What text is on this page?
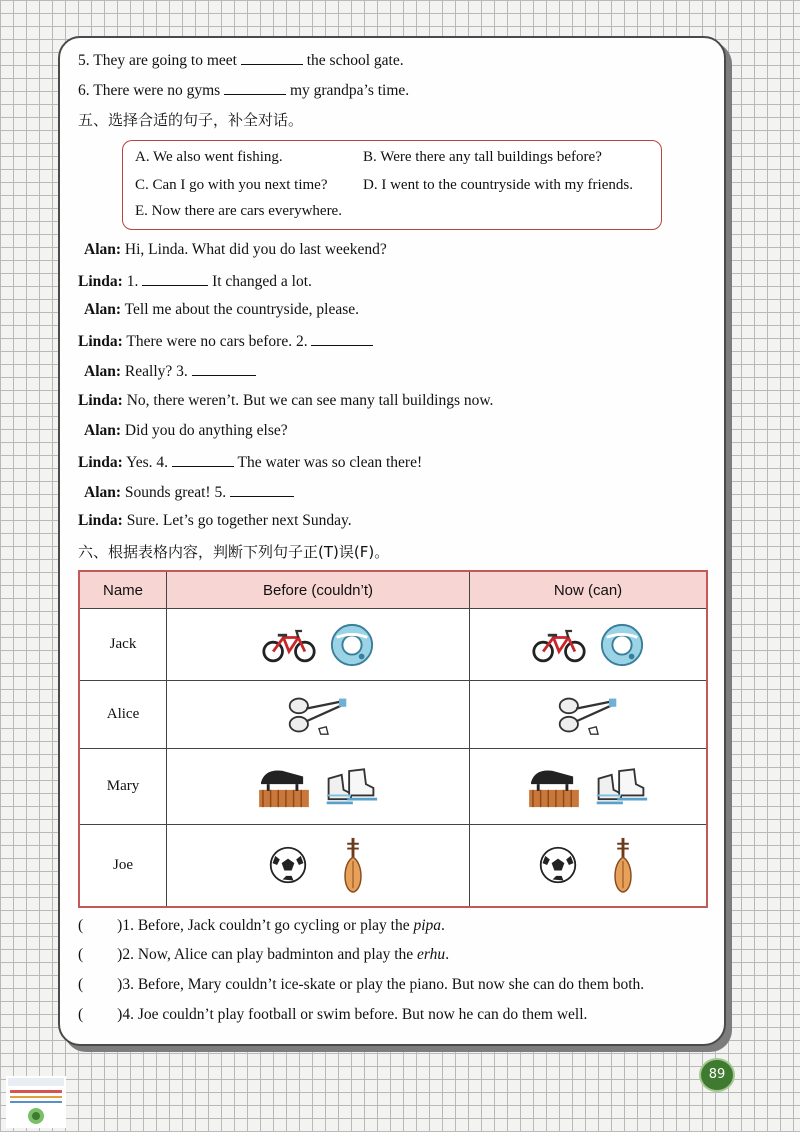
5. They are going to meet	the school gate.
6. There were no gyms	my grandpa’s time.
五、选择合适的句子，补全对话。
A. We also went fishing.	B. Were there any tall buildings before?
C. Can I go with you next time? D. I went to the countryside with my friends.
E. Now there are cars everywhere.
Alan: Hi, Linda. What did you do last weekend?
Linda: 1.	It changed a lot.
Alan: Tell me about the countryside, please.
Linda: There were no cars before. 2.
Alan: Really? 3.
Linda: No, there weren’t. But we can see many tall buildings now.
Alan: Did you do anything else?
Linda: Yes. 4.	The water was so clean there!
Alan: Sounds great! 5.
Linda: Sure. Let’s go together next Sunday.
六、根据表格内容，判断下列句子正(T)误(F)。
Name	Before (couldn’t)	Now (can)
Jack		
Alice		
Mary		
Joe		
( )1. Before, Jack couldn’t go cycling or play the pipa.
( )2. Now, Alice can play badminton and play the erhu.
( )3. Before, Mary couldn’t ice-skate or play the piano. But now she can do them both.
( )4. Joe couldn’t play football or swim before. But now he can do them well.
89
